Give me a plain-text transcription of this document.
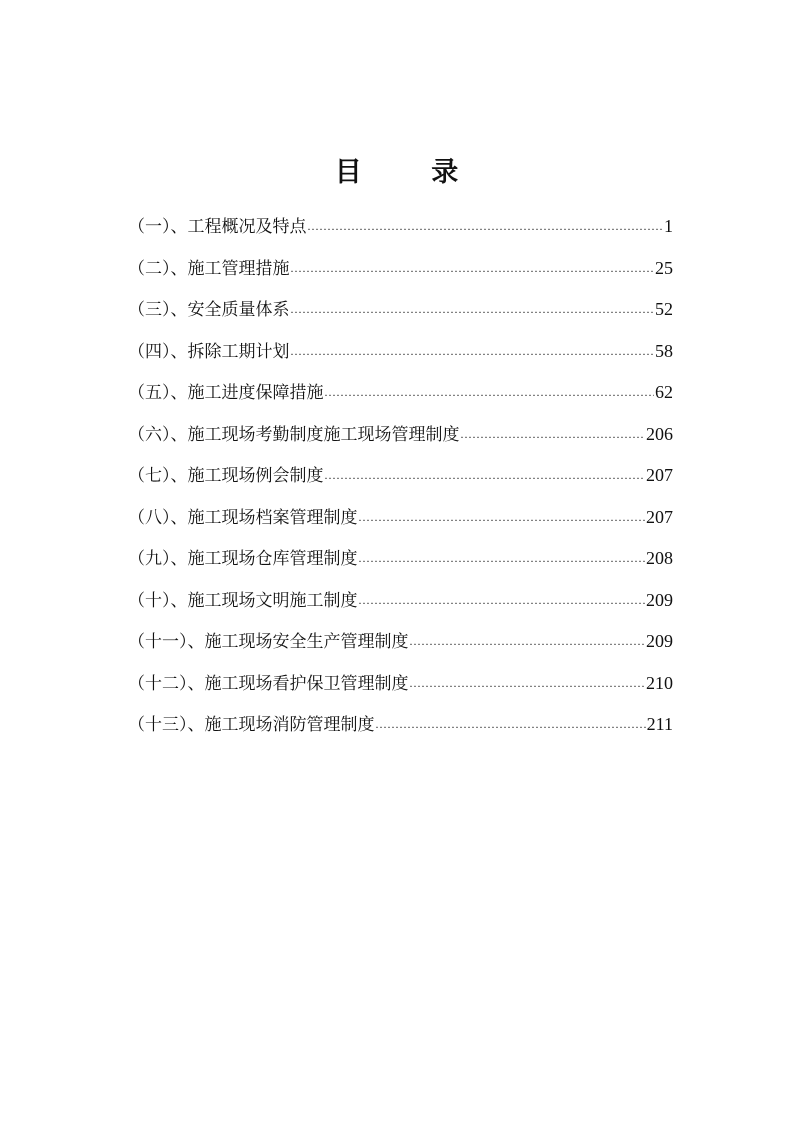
目 录
（一）、工程概况及特点 .....	1
（二）、施工管理措施 .....	25
（三）、安全质量体系 .....	52
（四）、拆除工期计划 .....	58
（五）、施工进度保障措施 .....	62
（六）、施工现场考勤制度施工现场管理制度 .....	206
（七）、施工现场例会制度 .....	207
（八）、施工现场档案管理制度 .....	207
（九）、施工现场仓库管理制度 .....	208
（十）、施工现场文明施工制度 .....	209
（十一）、施工现场安全生产管理制度 .....	209
（十二）、施工现场看护保卫管理制度 .....	210
（十三）、施工现场消防管理制度 .....	211
